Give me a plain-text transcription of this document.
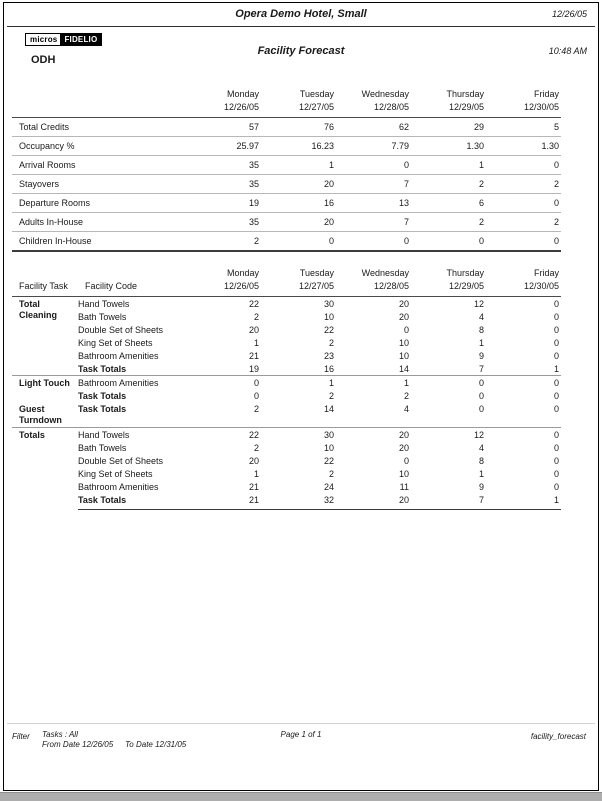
Opera Demo Hotel, Small	12/26/05
micros FIDELIO
ODH
Facility Forecast	10:48 AM
	Monday	Tuesday	Wednesday	Thursday	Friday
	12/26/05	12/27/05	12/28/05	12/29/05	12/30/05
Total Credits	57	76	62	29	5
Occupancy %	25.97	16.23	7.79	1.30	1.30
Arrival Rooms	35	1	0	1	0
Stayovers	35	20	7	2	2
Departure Rooms	19	16	13	6	0
Adults In-House	35	20	7	2	2
Children In-House	2	0	0	0	0
		Monday	Tuesday	Wednesday	Thursday	Friday
Facility Task	Facility Code	12/26/05	12/27/05	12/28/05	12/29/05	12/30/05
Total Cleaning	Hand Towels	22	30	20	12	0
	Bath Towels	2	10	20	4	0
	Double Set of Sheets	20	22	0	8	0
	King Set of Sheets	1	2	10	1	0
	Bathroom Amenities	21	23	10	9	0
	Task Totals	19	16	14	7	1
Light Touch	Bathroom Amenities	0	1	1	0	0
	Task Totals	0	2	2	0	0
Guest Turndown	Task Totals	2	14	4	0	0
Totals	Hand Towels	22	30	20	12	0
	Bath Towels	2	10	20	4	0
	Double Set of Sheets	20	22	0	8	0
	King Set of Sheets	1	2	10	1	0
	Bathroom Amenities	21	24	11	9	0
	Task Totals	21	32	20	7	1
Filter Tasks : All
From Date 12/26/05 To Date 12/31/05
Page 1 of 1	facility_forecast
